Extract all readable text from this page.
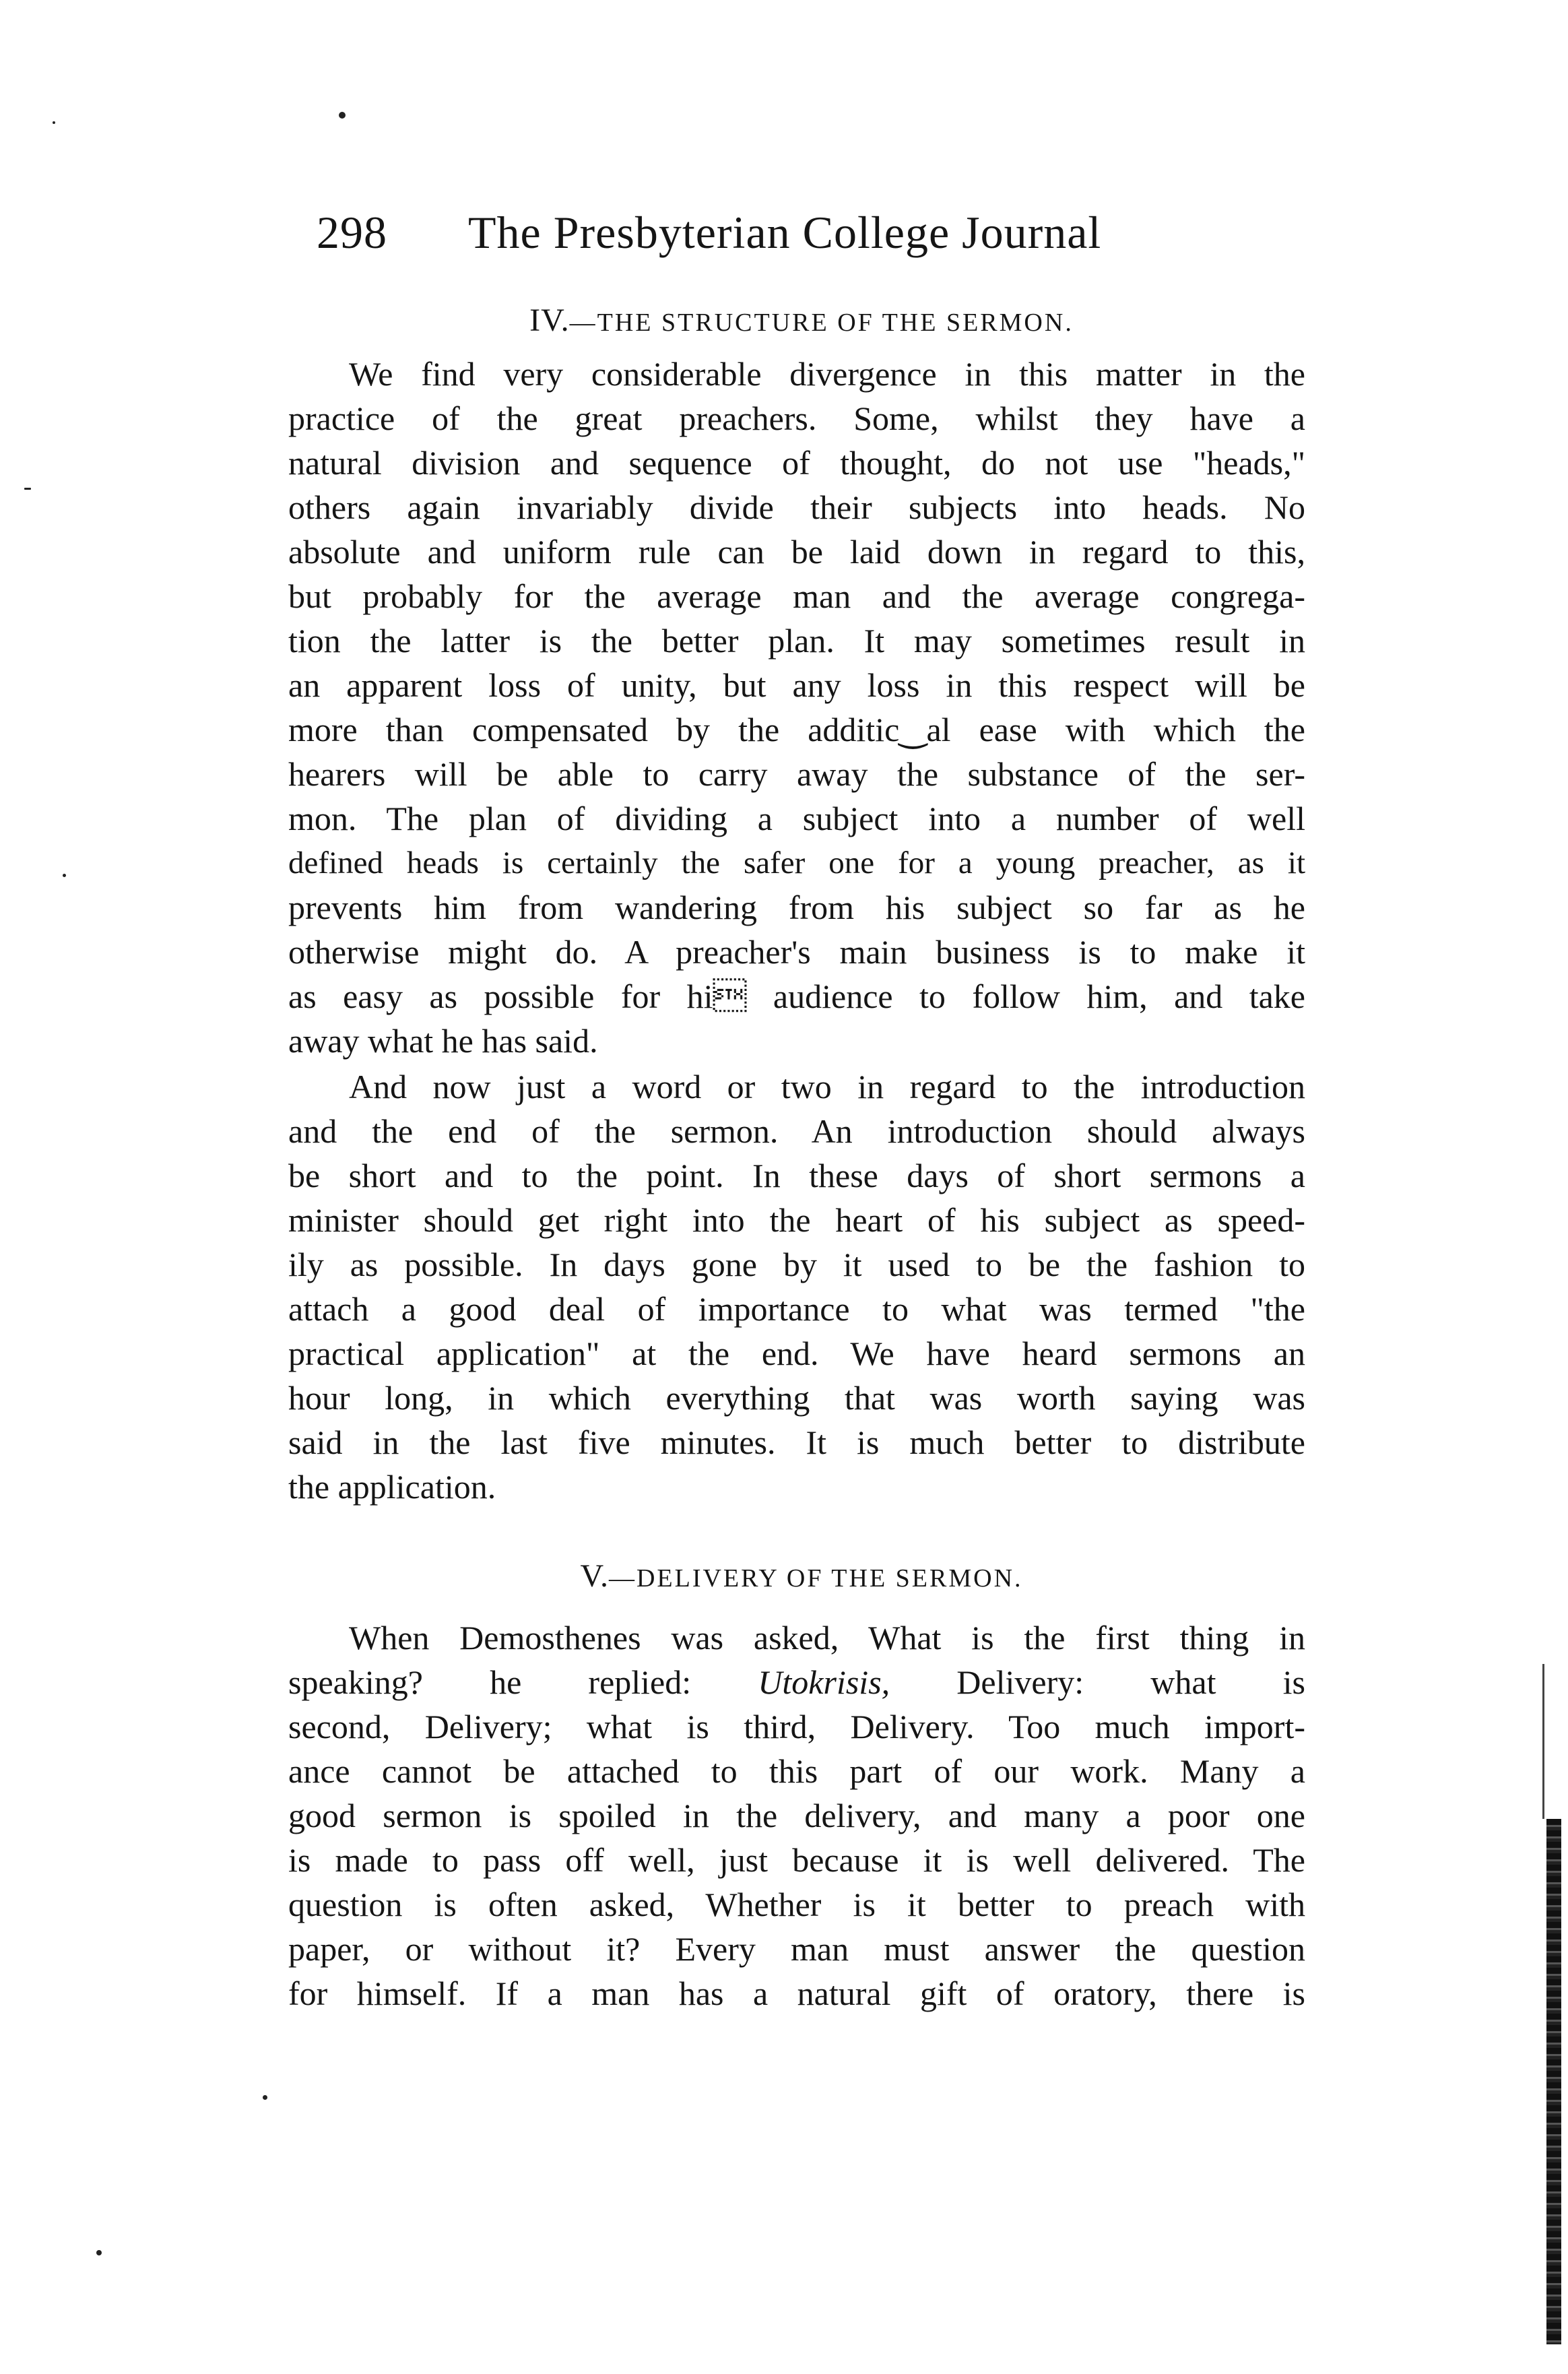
298 The Presbyterian College Journal
IV.—THE STRUCTURE OF THE SERMON.
We find very considerable divergence in this matter in the
practice of the great preachers. Some, whilst they have a
natural division and sequence of thought, do not use "heads,"
others again invariably divide their subjects into heads. No
absolute and uniform rule can be laid down in regard to this,
but probably for the average man and the average congrega-
tion the latter is the better plan. It may sometimes result in
an apparent loss of unity, but any loss in this respect will be
more than compensated by the additic‿al ease with which the
hearers will be able to carry away the substance of the ser-
mon. The plan of dividing a subject into a number of well
defined heads is certainly the safer one for a young preacher, as it
prevents him from wandering from his subject so far as he
otherwise might do. A preacher's main business is to make it
as easy as possible for hi audience to follow him, and take
away what he has said.
And now just a word or two in regard to the introduction
and the end of the sermon. An introduction should always
be short and to the point. In these days of short sermons a
minister should get right into the heart of his subject as speed-
ily as possible. In days gone by it used to be the fashion to
attach a good deal of importance to what was termed "the
practical application" at the end. We have heard sermons an
hour long, in which everything that was worth saying was
said in the last five minutes. It is much better to distribute
the application.
V.—DELIVERY OF THE SERMON.
When Demosthenes was asked, What is the first thing in
speaking? he replied: Utokrisis, Delivery: what is
second, Delivery; what is third, Delivery. Too much import-
ance cannot be attached to this part of our work. Many a
good sermon is spoiled in the delivery, and many a poor one
is made to pass off well, just because it is well delivered. The
question is often asked, Whether is it better to preach with
paper, or without it? Every man must answer the question
for himself. If a man has a natural gift of oratory, there is
